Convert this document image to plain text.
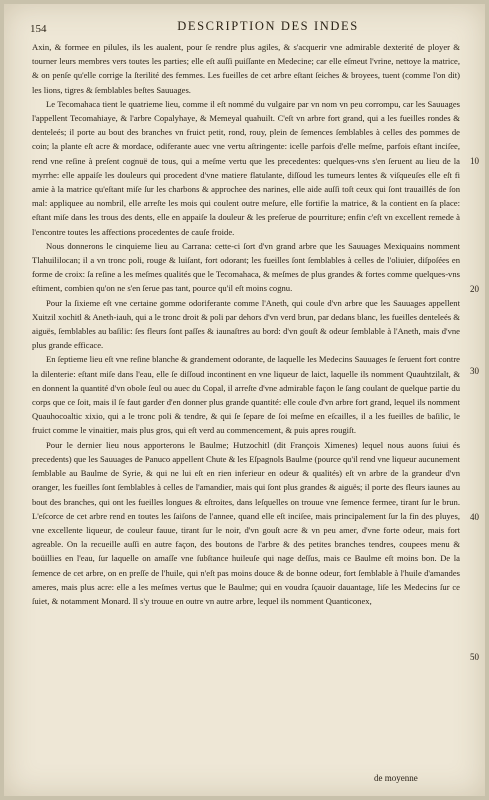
154	DESCRIPTION DES INDES

Axin, & formee en pilules, ils les aualent, pour ſe rendre plus agiles, & s'acquerir vne admirable dexterité de ployer & tourner leurs membres vers toutes les parties; elle eſt auſſi puiſſante en Medecine; car elle eſmeut l'vrine, nettoye la matrice, & on penſe qu'elle corrige la ſterilité des femmes. Les fueilles de cet arbre eſtant ſeiches & broyees, tuent (comme l'on dit) les lions, tigres & ſemblables beſtes Sauuages.

Le Tecomahaca tient le quatrieme lieu, comme il eſt nommé du vulgaire par vn nom vn peu corrompu, car les Sauuages l'appellent Tecomahiaye, & l'arbre Copalyhaye, & Memeyal quahuilt. C'eſt vn arbre fort grand, qui a les fueilles rondes & denteleés; il porte au bout des branches vn fruict petit, rond, rouy, plein de ſemences ſemblables à celles des pommes de coin; la plante eſt acre & mordace, odiferante auec vne vertu aſtringente: icelle parfois d'elle meſme, parfois eſtant inciſee, rend vne reſine à preſent cognuë de tous, qui a meſme vertu que les precedentes: quelques-vns s'en ſeruent au lieu de la myrrhe: elle appaiſe les douleurs qui procedent d'vne matiere flatulante, diſſoud les tumeurs lentes & viſqueuſes elle eſt fi amie à la matrice qu'eſtant miſe ſur les charbons & approchee des narines, elle aide auſſi toſt ceux qui ſont trauaillés de ſon mal: appliquee au nombril, elle arreſte les mois qui coulent outre meſure, elle fortifie la matrice, & la contient en ſa place: eſtant miſe dans les trous des dents, elle en appaiſe la douleur & les preſerue de pourriture; enfin c'eſt vn excellent remede à l'encontre toutes les affections procedentes de cauſe froide.

Nous donnerons le cinquieme lieu au Carrana: cette-ci ſort d'vn grand arbre que les Sauuages Mexiquains nomment Tlahuililocan; il a vn tronc poli, rouge & luiſant, fort odorant; les fueilles ſont ſemblables à celles de l'oliuier, diſpoſées en forme de croix: ſa reſine a les meſmes qualités que le Tecomahaca, & meſmes de plus grandes & fortes comme quelques-vns eſtiment, combien qu'on ne s'en ſerue pas tant, pource qu'il eſt moins cognu.

Pour la ſixieme eſt vne certaine gomme odoriferante comme l'Aneth, qui coule d'vn arbre que les Sauuages appellent Xuitzil xochitl & Aneth-iauh, qui a le tronc droit & poli par dehors d'vn verd brun, par dedans blanc, les fueilles denteleés & aiguës, ſemblables au baſilic: ſes fleurs ſont paſſes & iaunaſtres au bord: d'vn gouſt & odeur ſemblable à l'Aneth, mais d'vne plus grande efficace.

En ſeptieme lieu eſt vne reſine blanche & grandement odorante, de laquelle les Medecins Sauuages ſe ſeruent fort contre la dilenterie: eſtant miſe dans l'eau, elle ſe diſſoud incontinent en vne liqueur de laict, laquelle ils nomment Quauhtzilalt, & en donnent la quantité d'vn obole ſeul ou auec du Copal, il arreſte d'vne admirable façon le ſang coulant de quelque partie du corps que ce ſoit, mais il ſe faut garder d'en donner plus grande quantité: elle coule d'vn arbre fort grand, lequel ils nomment Quauhocoaltic xixio, qui a le tronc poli & tendre, & qui ſe ſepare de ſoi meſme en eſcailles, il a les fueilles de baſilic, le fruict comme le vinaitier, mais plus gros, qui eſt verd au commencement, & puis apres rougiſt.

Pour le dernier lieu nous apporterons le Baulme; Hutzochitl (dit François Ximenes) lequel nous auons ſuiui és precedents) que les Sauuages de Panuco appellent Chute & les Eſpagnols Baulme (pource qu'il rend vne liqueur aucunement ſemblable au Baulme de Syrie, & qui ne lui eſt en rien inferieur en odeur & qualités) eſt vn arbre de la grandeur d'vn oranger, les fueilles ſont ſemblables à celles de l'amandier, mais qui ſont plus grandes & aiguës; il porte des fleurs iaunes au bout des branches, qui ont les fueilles longues & eſtroites, dans leſquelles on trouue vne ſemence fermee, tirant ſur le brun. L'eſcorce de cet arbre rend en toutes les ſaiſons de l'annee, quand elle eſt inciſee, mais principalement ſur la fin des pluyes, vne excellente liqueur, de couleur fauue, tirant ſur le noir, d'vn gouſt acre & vn peu amer, d'vne forte odeur, mais fort agreable. On la recueille auſſi en autre façon, des boutons de l'arbre & des petites branches tendres, coupees menu & boüillies en l'eau, ſur laquelle on amaſſe vne ſubſtance huileuſe qui nage deſſus, mais ce Baulme eſt moins bon. De la ſemence de cet arbre, on en preſſe de l'huile, qui n'eſt pas moins douce & de bonne odeur, fort ſemblable à l'huile d'amandes ameres, mais plus acre: elle a les meſmes vertus que le Baulme; qui en voudra ſçauoir dauantage, liſe les Medecins ſur ce ſuiet, & notamment Monard. Il s'y trouue en outre vn autre arbre, lequel ils nomment Quanticonex,

10
20
30
40
50
de moyenne
